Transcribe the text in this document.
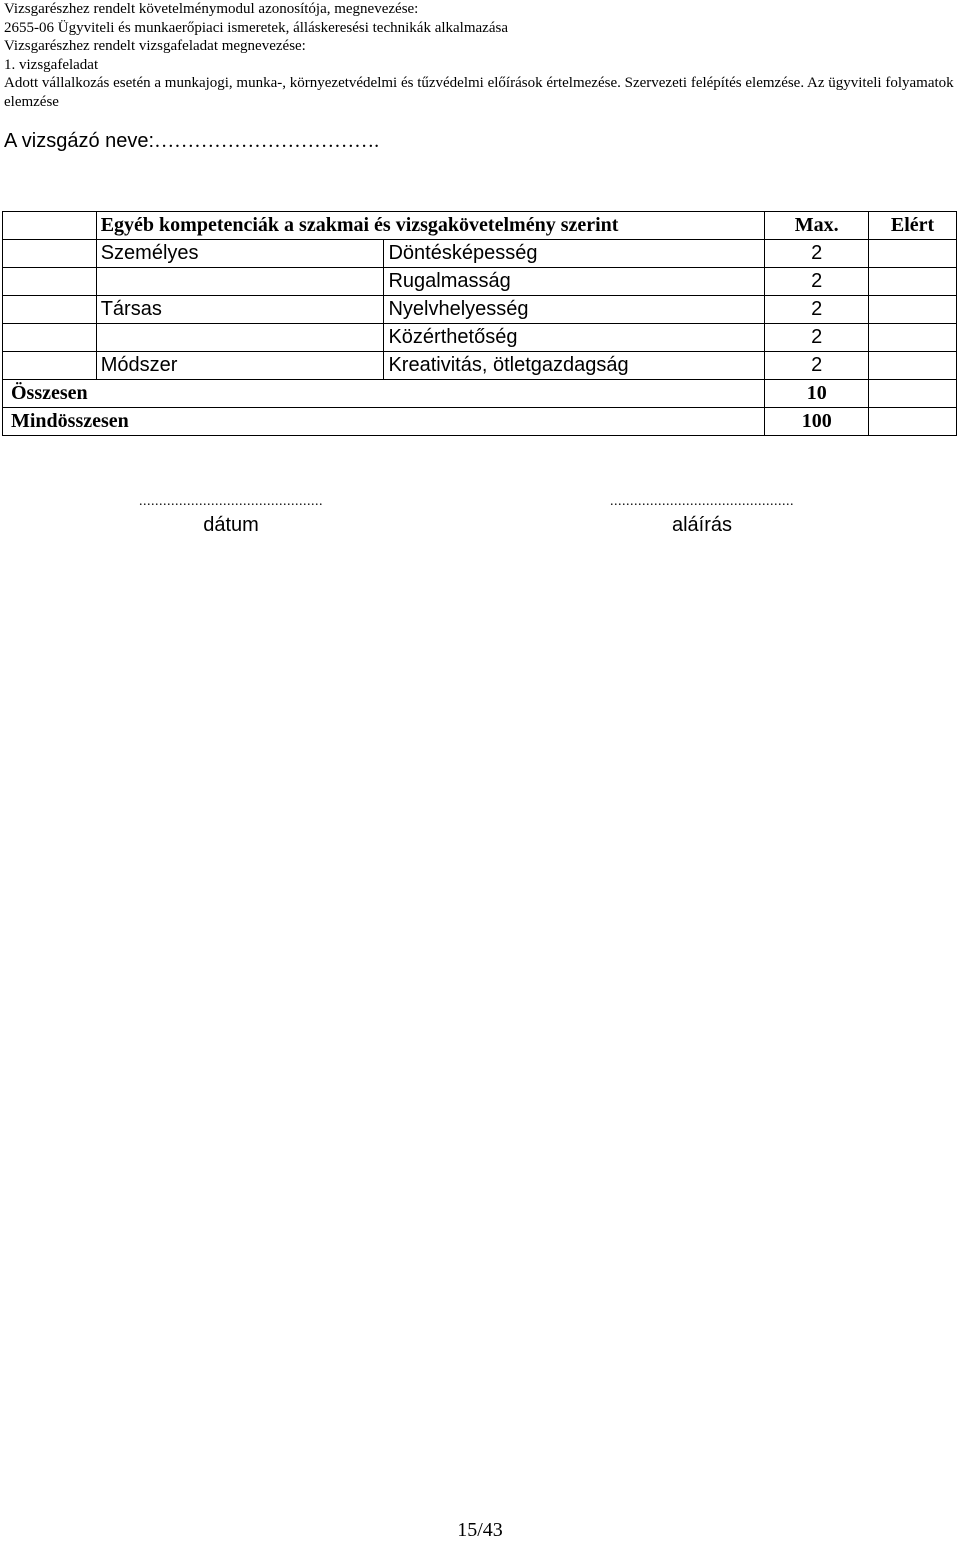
Vizsgarészhez rendelt követelménymodul azonosítója, megnevezése:
2655-06 Ügyviteli és munkaerőpiaci ismeretek, álláskeresési technikák alkalmazása
Vizsgarészhez rendelt vizsgafeladat megnevezése:
1. vizsgafeladat
Adott vállalkozás esetén a munkajogi, munka-, környezetvédelmi és tűzvédelmi előírások értelmezése. Szervezeti felépítés elemzése. Az ügyviteli folyamatok elemzése
A vizsgázó neve:…………………………….
	Egyéb kompetenciák a szakmai és vizsgakövetelmény szerint		Max.	Elért
	Személyes	Döntésképesség	2	
		Rugalmasság	2	
	Társas	Nyelvhelyesség	2	
		Közérthetőség	2	
	Módszer	Kreativitás, ötletgazdagság	2	
Összesen			10	
Mindösszesen			100	
..............................................
dátum
..............................................
aláírás
15/43
